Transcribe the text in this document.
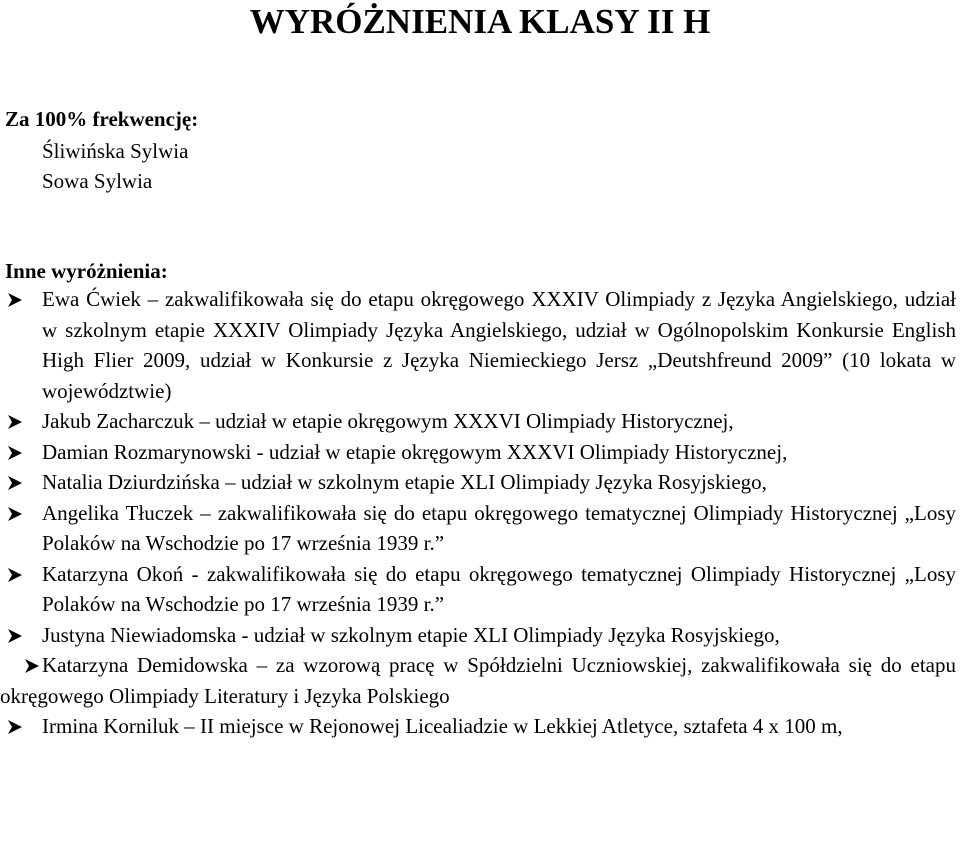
WYRÓŻNIENIA KLASY II H

Za 100% frekwencję:

Śliwińska Sylwia

Sowa Sylwia

Inne wyróżnienia:

Ewa Ćwiek – zakwalifikowała się do etapu okręgowego XXXIV Olimpiady z Języka Angielskiego, udział w szkolnym etapie XXXIV Olimpiady Języka Angielskiego, udział w Ogólnopolskim Konkursie English High Flier 2009, udział w Konkursie z Języka Niemieckiego Jersz „Deutshfreund 2009” (10 lokata w województwie)
Jakub Zacharczuk – udział w etapie okręgowym XXXVI Olimpiady Historycznej,
Damian Rozmarynowski - udział w etapie okręgowym XXXVI Olimpiady Historycznej,
Natalia Dziurdzińska – udział w szkolnym etapie XLI Olimpiady Języka Rosyjskiego,
Angelika Tłuczek – zakwalifikowała się do etapu okręgowego tematycznej Olimpiady Historycznej „Losy Polaków na Wschodzie po 17 września 1939 r.”
Katarzyna Okoń - zakwalifikowała się do etapu okręgowego tematycznej Olimpiady Historycznej „Losy Polaków na Wschodzie po 17 września 1939 r.”
Justyna Niewiadomska - udział w szkolnym etapie XLI Olimpiady Języka Rosyjskiego,
Katarzyna Demidowska – za wzorową pracę w Spółdzielni Uczniowskiej, zakwalifikowała się do etapu okręgowego Olimpiady Literatury i Języka Polskiego
Irmina Korniluk – II miejsce w Rejonowej Licealiadzie w Lekkiej Atletyce, sztafeta 4 x 100 m,
